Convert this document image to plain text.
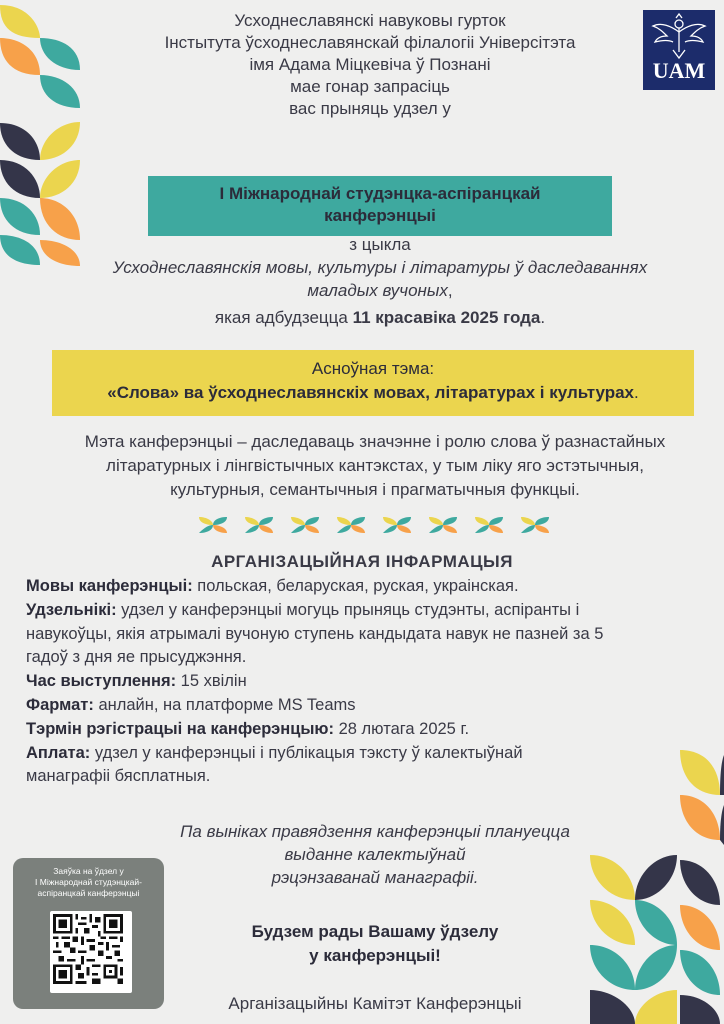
Усходнеславянскі навуковы гурток
Інстытута ўсходнеславянскай філалогіі Універсітэта
імя Адама Міцкевіча ў Познані
мае гонар запрасіць
вас прыняць удзел у
UAM
І Міжнароднай студэнцка-аспіранцкай
канферэнцыі
з цыкла
Усходнеславянскія мовы, культуры і літаратуры ў даследаваннях
маладых вучоных,
якая адбудзецца 11 красавіка 2025 года.
Асноўная тэма:
«Слова» ва ўсходнеславянскіх мовах, літаратурах і культурах.
Мэта канферэнцыі – даследаваць значэнне і ролю слова ў разнастайных
літаратурных і лінгвістычных кантэкстах, у тым ліку яго эстэтычныя,
культурныя, семантычныя і прагматычныя функцыі.
АРГАНІЗАЦЫЙНАЯ ІНФАРМАЦЫЯ

Мовы канферэнцыі: польская, беларуская, руская, украінская.

Удзельнікі: удзел у канферэнцыі могуць прыняць студэнты, аспіранты і

навукоўцы, якія атрымалі вучоную ступень кандыдата навук не пазней за 5

гадоў з дня яе прысуджэння.

Час выступлення: 15 хвілін

Фармат: анлайн, на платформе MS Teams

Тэрмін рэгістрацыі на канферэнцыю: 28 лютага 2025 г.

Аплата: удзел у канферэнцыі і публікацыя тэксту ў калектыўнай

манаграфіі бясплатныя.

Па выніках правядзення канферэнцыі плануецца
выданне калектыўнай
рэцэнзаванай манаграфіі.
Будзем рады Вашаму ўдзелу
у канферэнцыі!
Арганізацыйны Камітэт Канферэнцыі
Заяўка на ўдзел у
І Міжнароднай студэнцкай-
аспіранцкай канферэнцыі
